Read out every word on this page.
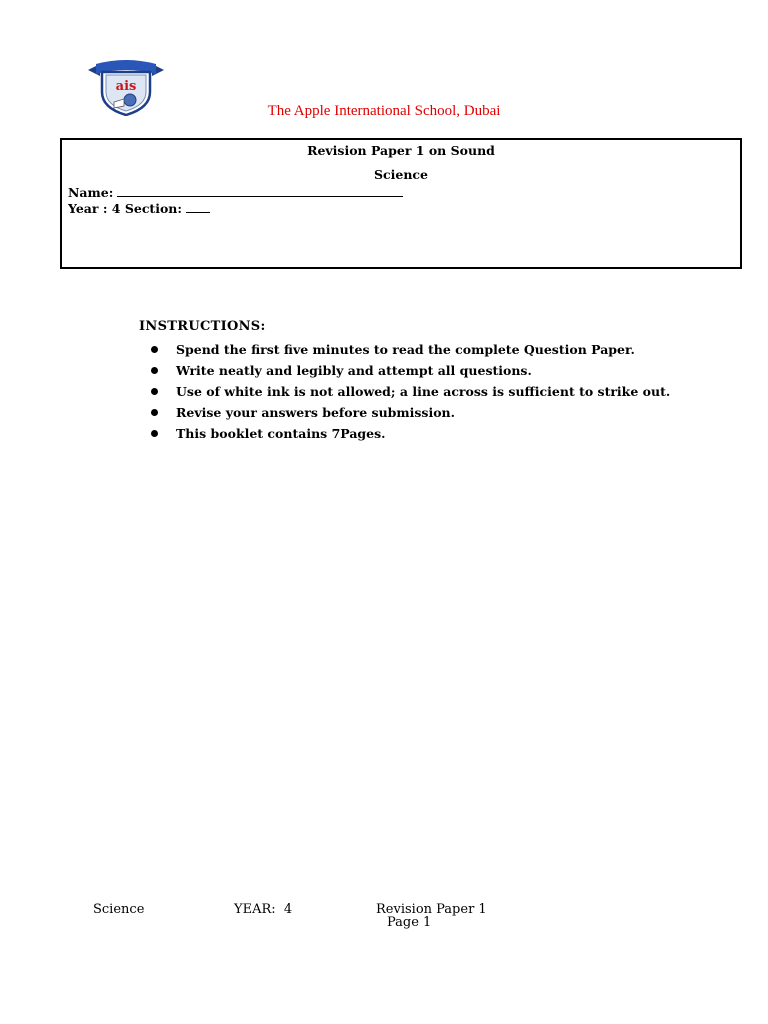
ais
The Apple International School, Dubai
Revision Paper 1 on Sound
Science
Name:
Year : 4 Section:
INSTRUCTIONS:
Spend the first five minutes to read the complete Question Paper.
Write neatly and legibly and attempt all questions.
Use of white ink is not allowed; a line across is sufficient to strike out.
Revise your answers before submission.
This booklet contains 7Pages.
Science	YEAR:  4	Revision Paper 1
Page 1
